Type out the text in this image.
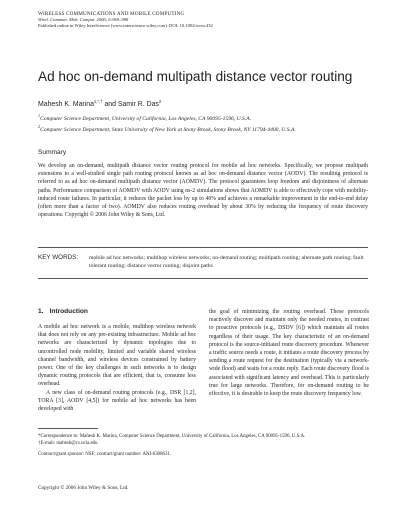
WIRELESS COMMUNICATIONS AND MOBILE COMPUTING
Wirel. Commun. Mob. Comput. 2006; 6:969–988
Published online in Wiley InterScience (www.interscience.wiley.com). DOI: 10.1002/wcm.432
Ad hoc on-demand multipath distance vector routing
Mahesh K. Marina$^{1,*,\dagger}$ and Samir R. Das$^2$
$^1$Computer Science Department, University of California, Los Angeles, CA 90095-1596, U.S.A.
$^2$Computer Science Department, State University of New York at Stony Brook, Stony Brook, NY 11794-4400, U.S.A.
Summary
We develop an on-demand, multipath distance vector routing protocol for mobile ad hoc networks. Specifically, we propose multipath extensions to a well-studied single path routing protocol known as ad hoc on-demand distance vector (AODV). The resulting protocol is referred to as ad hoc on-demand multipath distance vector (AOMDV). The protocol guarantees loop freedom and disjointness of alternate paths. Performance comparison of AOMDV with AODV using ns-2 simulations shows that AOMDV is able to effectively cope with mobility-induced route failures. In particular, it reduces the packet loss by up to 40% and achieves a remarkable improvement in the end-to-end delay (often more than a factor of two). AOMDV also reduces routing overhead by about 30% by reducing the frequency of route discovery operations. Copyright © 2006 John Wiley & Sons, Ltd.
KEY WORDS: mobile ad hoc networks; multihop wireless networks; on-demand routing; multipath routing; alternate path routing; fault tolerant routing; distance vector routing; disjoint paths
1. Introduction

A mobile ad hoc network is a mobile, multihop wireless network that does not rely on any pre-existing infrastructure. Mobile ad hoc networks are characterized by dynamic topologies due to uncontrolled node mobility, limited and variable shared wireless channel bandwidth, and wireless devices constrained by battery power. One of the key challenges in such networks is to design dynamic routing protocols that are efficient, that is, consume less overhead.

A new class of on-demand routing protocols (e.g., DSR [1,2], TORA [3], AODV [4,5]) for mobile ad hoc networks has been developed with

the goal of minimizing the routing overhead. These protocols reactively discover and maintain only the needed routes, in contrast to proactive protocols (e.g., DSDV [6]) which maintain all routes regardless of their usage. The key characteristic of an on-demand protocol is the source-initiated route discovery procedure. Whenever a traffic source needs a route, it initiates a route discovery process by sending a route request for the destination (typically via a network-wide flood) and waits for a route reply. Each route discovery flood is associated with significant latency and overhead. This is particularly true for large networks. Therefore, for on-demand routing to be effective, it is desirable to keep the route discovery frequency low.

*Correspondence to: Mahesh K. Marina, Computer Science Department, University of California, Los Angeles, CA 90095-1596, U.S.A.
†E-mail: mahesh@cs.ucla.edu
Contract/grant sponsor: NSF; contract/grant number: ANI-0308631.
Copyright © 2006 John Wiley & Sons, Ltd.
